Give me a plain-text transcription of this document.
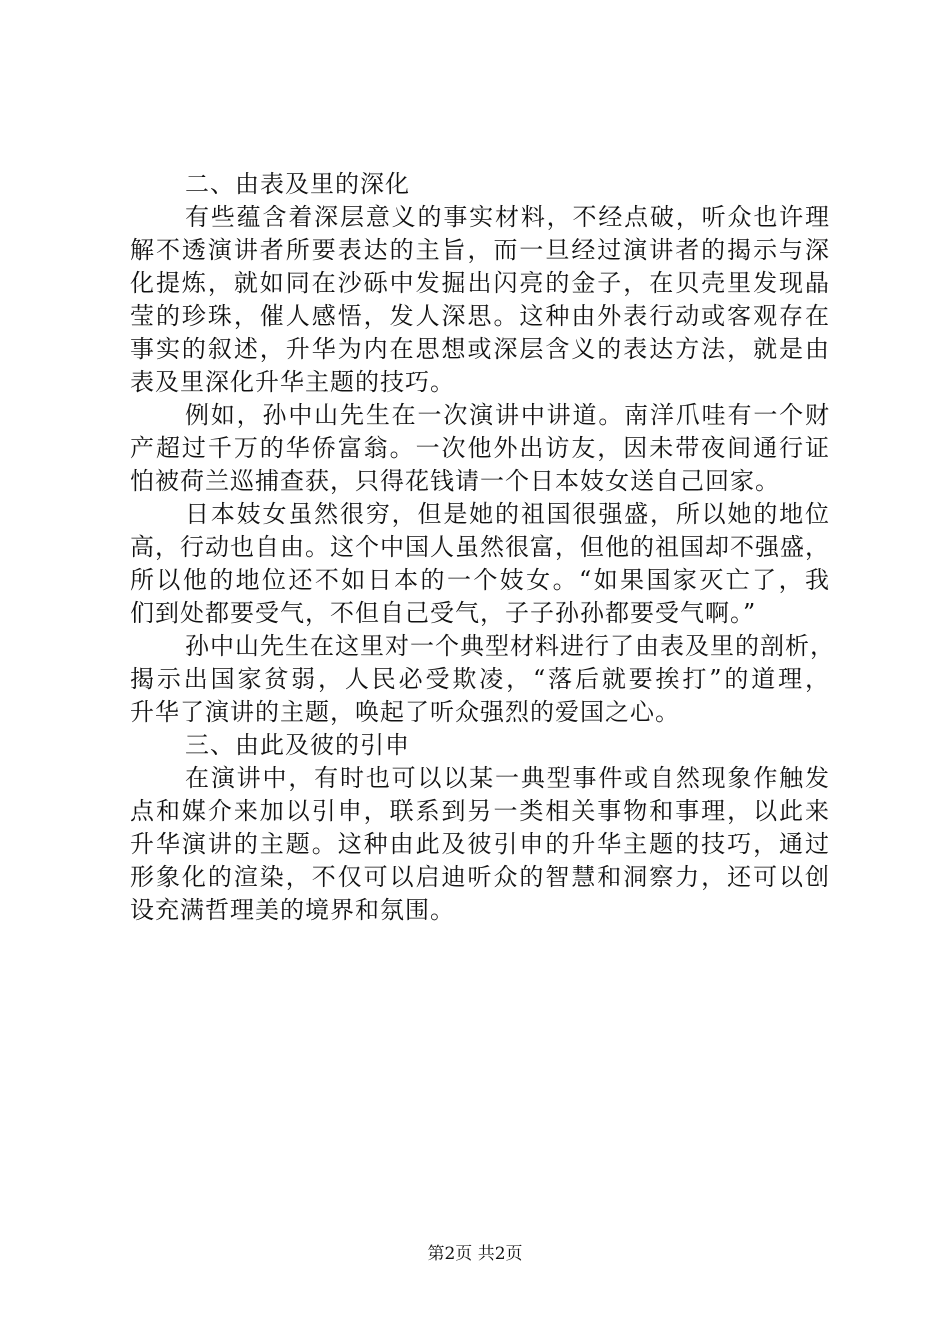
二、由表及里的深化
有些蕴含着深层意义的事实材料，不经点破，听众也许理
解不透演讲者所要表达的主旨，而一旦经过演讲者的揭示与深
化提炼，就如同在沙砾中发掘出闪亮的金子，在贝壳里发现晶
莹的珍珠，催人感悟，发人深思。这种由外表行动或客观存在
事实的叙述，升华为内在思想或深层含义的表达方法，就是由
表及里深化升华主题的技巧。
例如，孙中山先生在一次演讲中讲道。南洋爪哇有一个财
产超过千万的华侨富翁。一次他外出访友，因未带夜间通行证
怕被荷兰巡捕查获，只得花钱请一个日本妓女送自己回家。
日本妓女虽然很穷，但是她的祖国很强盛，所以她的地位
高，行动也自由。这个中国人虽然很富，但他的祖国却不强盛，
所以他的地位还不如日本的一个妓女。“如果国家灭亡了，我
们到处都要受气，不但自己受气，子子孙孙都要受气啊。”
孙中山先生在这里对一个典型材料进行了由表及里的剖析，
揭示出国家贫弱，人民必受欺凌，“落后就要挨打”的道理，
升华了演讲的主题，唤起了听众强烈的爱国之心。
三、由此及彼的引申
在演讲中，有时也可以以某一典型事件或自然现象作触发
点和媒介来加以引申，联系到另一类相关事物和事理，以此来
升华演讲的主题。这种由此及彼引申的升华主题的技巧，通过
形象化的渲染，不仅可以启迪听众的智慧和洞察力，还可以创
设充满哲理美的境界和氛围。
第2页 共2页
